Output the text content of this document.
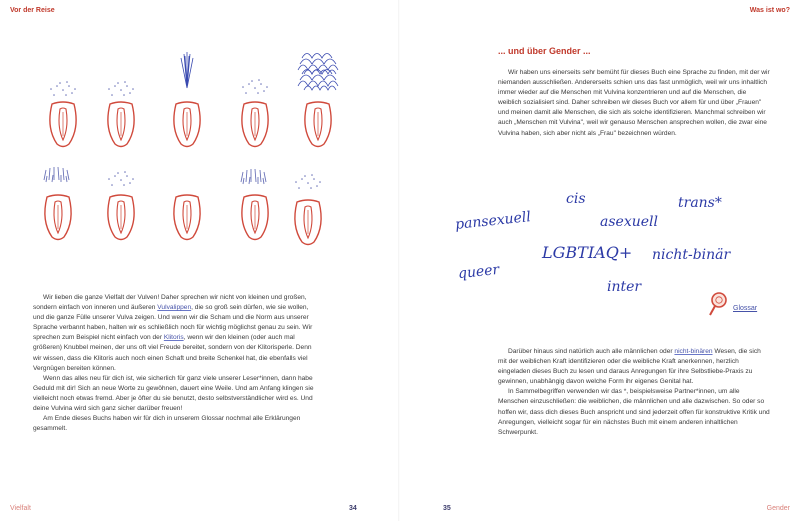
Vor der Reise

Wir lieben die ganze Vielfalt der Vulven! Daher sprechen wir nicht von kleinen und großen, sondern einfach von inneren und äußeren Vulvalippen, die so groß sein dürfen, wie sie wollen, und die ganze Fülle unserer Vulva zeigen. Und wenn wir die Scham und die Norm aus unserer Sprache verbannt haben, halten wir es schließlich noch für wichtig möglichst genau zu sein. Wir sprechen zum Beispiel nicht einfach von der Klitoris, wenn wir den kleinen (oder auch mal größeren) Knubbel meinen, der uns oft viel Freude bereitet, sondern von der Klitorisperle. Denn wir wissen, dass die Klitoris auch noch einen Schaft und breite Schenkel hat, die ebenfalls viel Vergnügen bereiten können.

Wenn das alles neu für dich ist, wie sicherlich für ganz viele unserer Leser*innen, dann habe Geduld mit dir! Sich an neue Worte zu gewöhnen, dauert eine Weile. Und am Anfang klingen sie vielleicht noch etwas fremd. Aber je öfter du sie benutzt, desto selbstverständlicher wird es. Und deine Vulvina wird sich ganz sicher darüber freuen!

Am Ende dieses Buchs haben wir für dich in unserem Glossar nochmal alle Erklärungen gesammelt.

Vielfalt	34
Was ist wo?
... und über Gender ...

Wir haben uns einerseits sehr bemüht für dieses Buch eine Sprache zu finden, mit der wir niemanden ausschließen. Andererseits schien uns das fast unmöglich, weil wir uns inhaltlich immer wieder auf die Menschen mit Vulvina konzentrieren und auf die Menschen, die weiblich sozialisiert sind. Daher schreiben wir dieses Buch vor allem für und über „Frauen" und meinen damit alle Menschen, die sich als solche identifizieren. Manchmal schreiben wir auch „Menschen mit Vulvina", weil wir genauso Menschen ansprechen wollen, die zwar eine Vulvina haben, sich aber nicht als „Frau" bezeichnen würden.

cis	trans*
pansexuell	asexuell
LGBTIAQ+ nicht-binär
queer
inter
Glossar

Darüber hinaus sind natürlich auch alle männlichen oder nicht-binären Wesen, die sich mit der weiblichen Kraft identifizieren oder die weibliche Kraft anerkennen, herzlich eingeladen dieses Buch zu lesen und daraus Anregungen für ihre Selbstliebe-Praxis zu gewinnen, unabhängig davon welche Form ihr eigenes Genital hat.

In Sammelbegriffen verwenden wir das *, beispielsweise Partner*innen, um alle Menschen einzuschließen: die weiblichen, die männlichen und alle dazwischen. So oder so hoffen wir, dass dich dieses Buch anspricht und sind jederzeit offen für konstruktive Kritik und Anregungen, vielleicht sogar für ein nächstes Buch mit einem anderen inhaltlichen Schwerpunkt.

35	Gender
